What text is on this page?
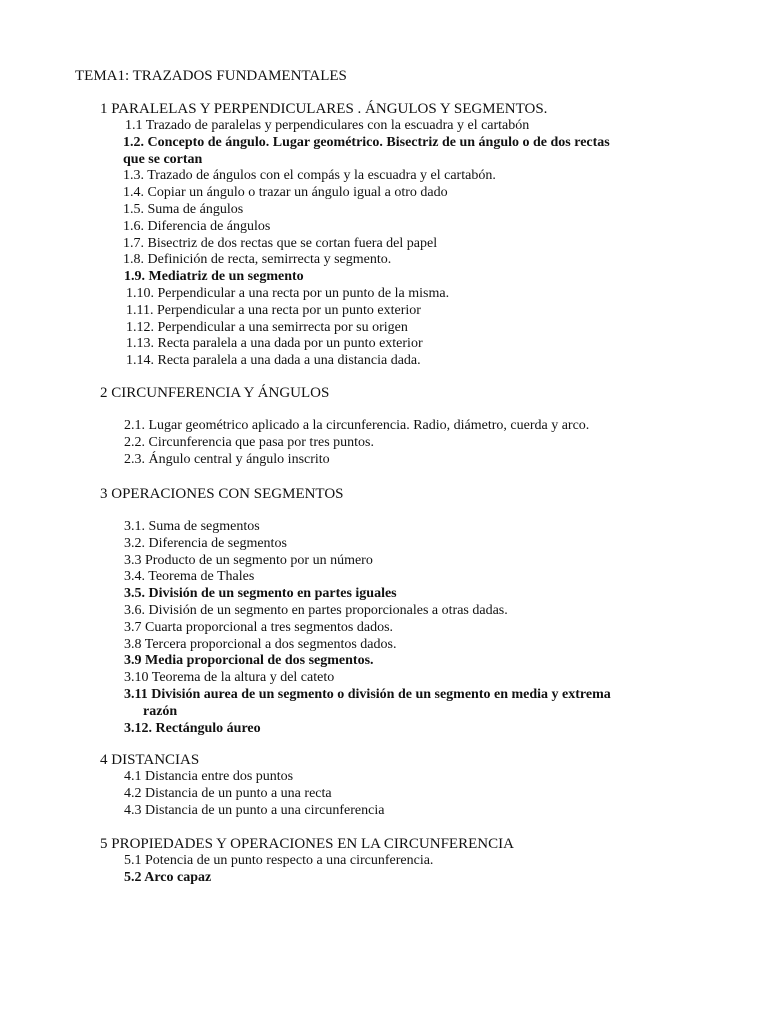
TEMA1: TRAZADOS FUNDAMENTALES
1 PARALELAS Y PERPENDICULARES . ÁNGULOS Y SEGMENTOS.
1.1 Trazado de paralelas y perpendiculares con la escuadra y el cartabón
1.2. Concepto de ángulo. Lugar geométrico. Bisectriz de un ángulo o de dos rectas
que se cortan
1.3. Trazado de ángulos con el compás y la escuadra y el cartabón.
1.4. Copiar un ángulo o trazar un ángulo igual a otro dado
1.5. Suma de ángulos
1.6. Diferencia de ángulos
1.7. Bisectriz de dos rectas que se cortan fuera del papel
1.8. Definición de recta, semirrecta y segmento.
1.9. Mediatriz de un segmento
1.10. Perpendicular a una recta por un punto de la misma.
1.11. Perpendicular a una recta por un punto exterior
1.12. Perpendicular a una semirrecta por su origen
1.13. Recta paralela a una dada por un punto exterior
1.14. Recta paralela a una dada a una distancia dada.
2 CIRCUNFERENCIA Y ÁNGULOS
2.1. Lugar geométrico aplicado a la circunferencia. Radio, diámetro, cuerda y arco.
2.2. Circunferencia que pasa por tres puntos.
2.3. Ángulo central y ángulo inscrito
3 OPERACIONES CON SEGMENTOS
3.1. Suma de segmentos
3.2. Diferencia de segmentos
3.3 Producto de un segmento por un número
3.4. Teorema de Thales
3.5. División de un segmento en partes iguales
3.6. División de un segmento en partes proporcionales a otras dadas.
3.7 Cuarta proporcional a tres segmentos dados.
3.8 Tercera proporcional a dos segmentos dados.
3.9 Media proporcional de dos segmentos.
3.10 Teorema de la altura y del cateto
3.11 División aurea de un segmento o división de un segmento en media y extrema
razón
3.12. Rectángulo áureo
4 DISTANCIAS
4.1 Distancia entre dos puntos
4.2 Distancia de un punto a una recta
4.3 Distancia de un punto a una circunferencia
5 PROPIEDADES Y OPERACIONES EN LA CIRCUNFERENCIA
5.1 Potencia de un punto respecto a una circunferencia.
5.2 Arco capaz
